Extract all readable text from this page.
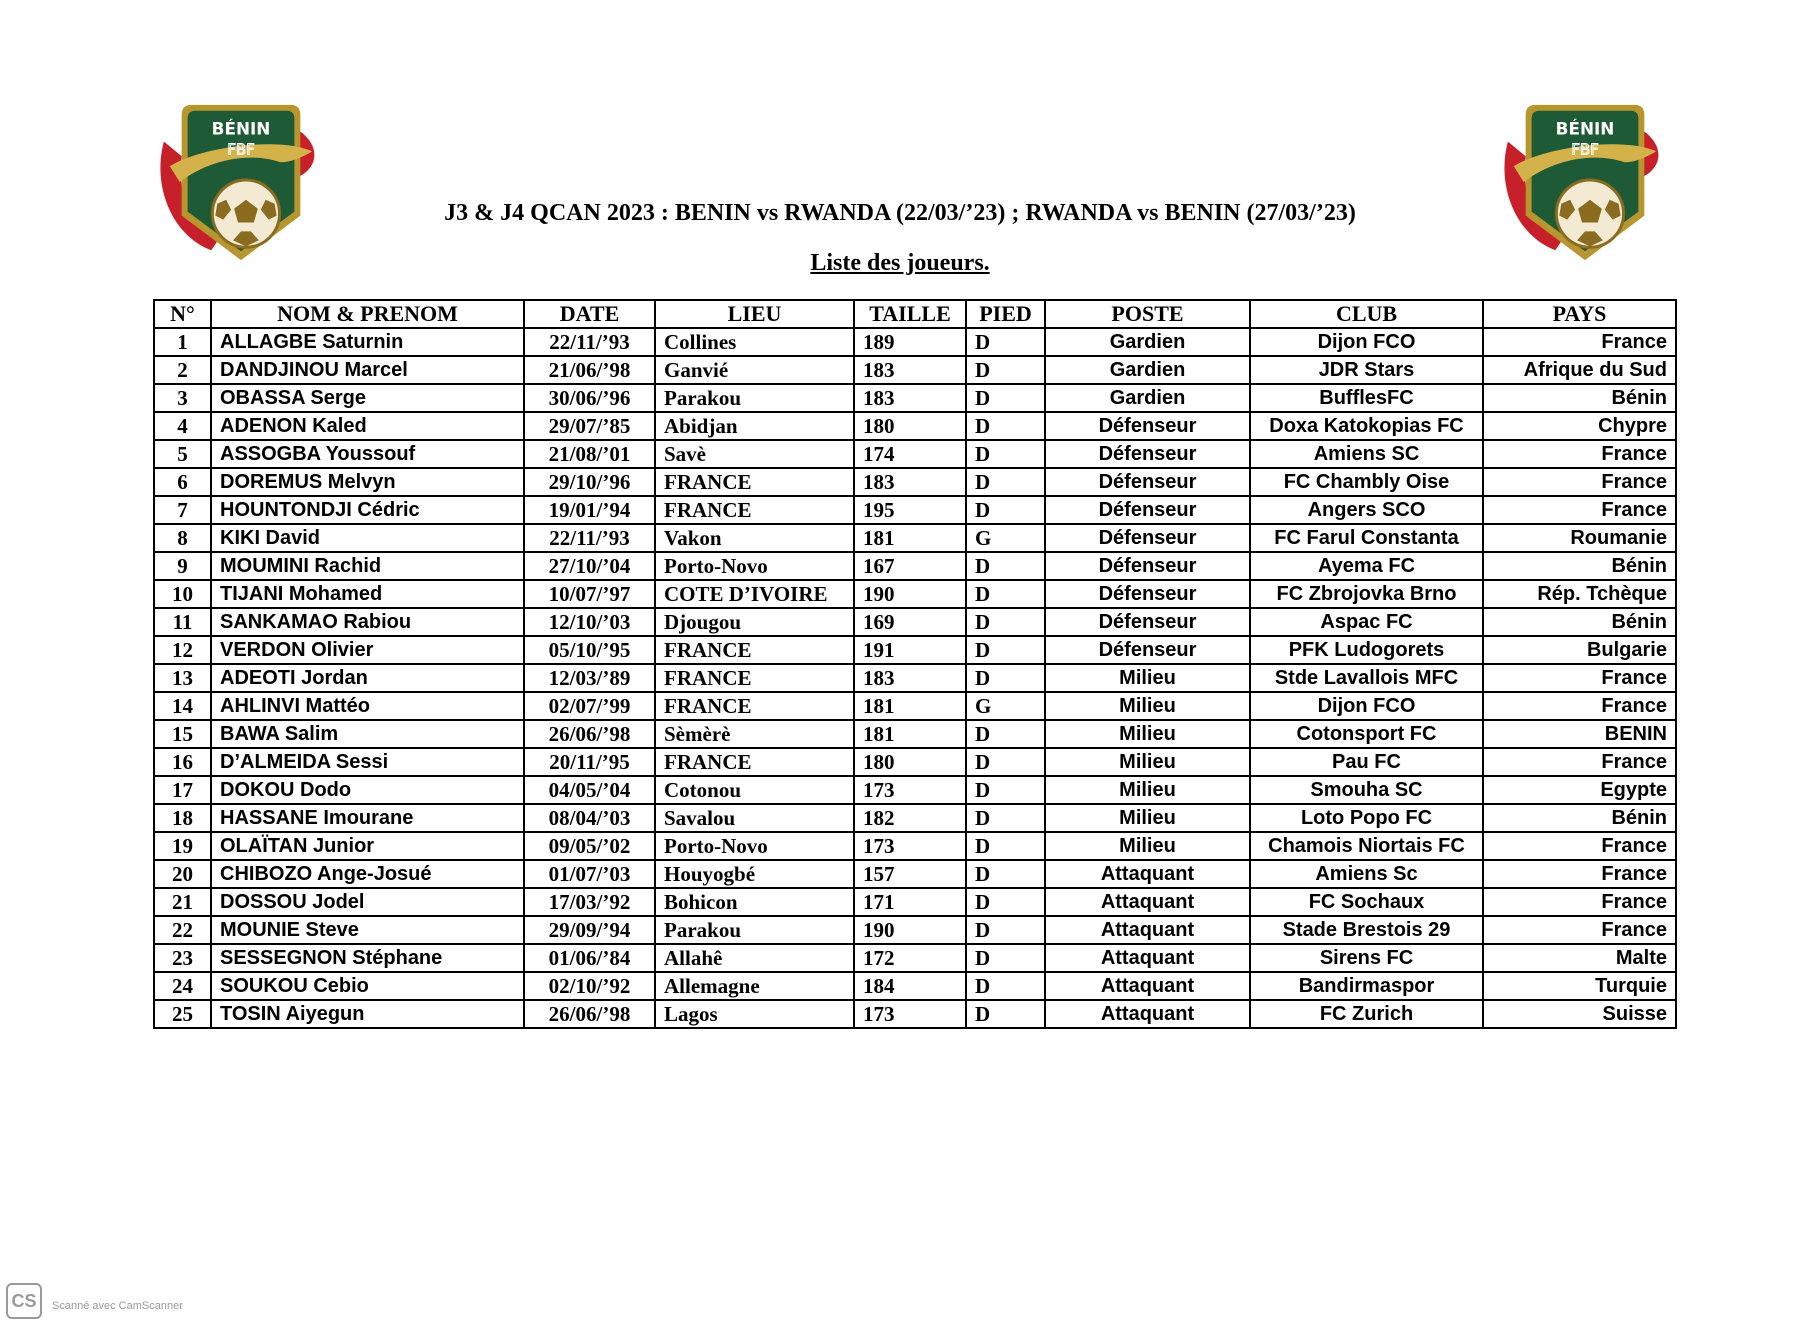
BÉNIN
FBF
BÉNIN
FBF
J3 & J4 QCAN 2023 : BENIN vs RWANDA (22/03/’23) ; RWANDA vs BENIN (27/03/’23)
Liste des joueurs.
N°	NOM & PRENOM	DATE	LIEU	TAILLE	PIED	POSTE	CLUB	PAYS
1	ALLAGBE Saturnin	22/11/’93	Collines	189	D	Gardien	Dijon FCO	France
2	DANDJINOU Marcel	21/06/’98	Ganvié	183	D	Gardien	JDR Stars	Afrique du Sud
3	OBASSA Serge	30/06/’96	Parakou	183	D	Gardien	BufflesFC	Bénin
4	ADENON Kaled	29/07/’85	Abidjan	180	D	Défenseur	Doxa Katokopias FC	Chypre
5	ASSOGBA Youssouf	21/08/’01	Savè	174	D	Défenseur	Amiens SC	France
6	DOREMUS Melvyn	29/10/’96	FRANCE	183	D	Défenseur	FC Chambly Oise	France
7	HOUNTONDJI Cédric	19/01/’94	FRANCE	195	D	Défenseur	Angers SCO	France
8	KIKI David	22/11/’93	Vakon	181	G	Défenseur	FC Farul Constanta	Roumanie
9	MOUMINI Rachid	27/10/’04	Porto-Novo	167	D	Défenseur	Ayema FC	Bénin
10	TIJANI Mohamed	10/07/’97	COTE D’IVOIRE	190	D	Défenseur	FC Zbrojovka Brno	Rép. Tchèque
11	SANKAMAO Rabiou	12/10/’03	Djougou	169	D	Défenseur	Aspac FC	Bénin
12	VERDON Olivier	05/10/’95	FRANCE	191	D	Défenseur	PFK Ludogorets	Bulgarie
13	ADEOTI Jordan	12/03/’89	FRANCE	183	D	Milieu	Stde Lavallois MFC	France
14	AHLINVI Mattéo	02/07/’99	FRANCE	181	G	Milieu	Dijon FCO	France
15	BAWA Salim	26/06/’98	Sèmèrè	181	D	Milieu	Cotonsport FC	BENIN
16	D’ALMEIDA Sessi	20/11/’95	FRANCE	180	D	Milieu	Pau FC	France
17	DOKOU Dodo	04/05/’04	Cotonou	173	D	Milieu	Smouha SC	Egypte
18	HASSANE Imourane	08/04/’03	Savalou	182	D	Milieu	Loto Popo FC	Bénin
19	OLAÏTAN Junior	09/05/’02	Porto-Novo	173	D	Milieu	Chamois Niortais FC	France
20	CHIBOZO Ange-Josué	01/07/’03	Houyogbé	157	D	Attaquant	Amiens Sc	France
21	DOSSOU Jodel	17/03/’92	Bohicon	171	D	Attaquant	FC Sochaux	France
22	MOUNIE Steve	29/09/’94	Parakou	190	D	Attaquant	Stade Brestois 29	France
23	SESSEGNON Stéphane	01/06/’84	Allahê	172	D	Attaquant	Sirens FC	Malte
24	SOUKOU Cebio	02/10/’92	Allemagne	184	D	Attaquant	Bandirmaspor	Turquie
25	TOSIN Aiyegun	26/06/’98	Lagos	173	D	Attaquant	FC Zurich	Suisse
CS	Scanné avec CamScanner
